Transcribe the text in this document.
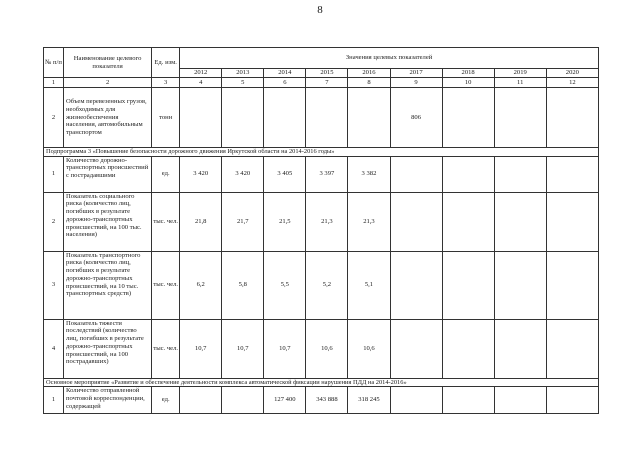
8
№ п/п	Наименование целевого показателя	Ед. изм.	Значения целевых показателей								
			2012	2013	2014	2015	2016	2017	2018	2019	2020
1	2	3	4	5	6	7	8	9	10	11	12
2	Объем перевезенных грузов, необходимых для жизнеобеспечения населения, автомобильным транспортом	тонн						806			
Подпрограмма 3 «Повышение безопасности дорожного движения Иркутской области на 2014-2016 годы»											
1	Количество дорожно-транспортных происшествий с пострадавшими	ед.	3 420	3 420	3 405	3 397	3 382				
2	Показатель социального риска (количество лиц, погибших в результате дорожно-транспортных происшествий, на 100 тыс. населения)	тыс. чел.	21,8	21,7	21,5	21,3	21,3				
3	Показатель транспортного риска (количество лиц, погибших в результате дорожно-транспортных происшествий, на 10 тыс. транспортных средств)	тыс. чел.	6,2	5,8	5,5	5,2	5,1				
4	Показатель тяжести последствий (количество лиц, погибших в результате дорожно-транспортных происшествий, на 100 пострадавших)	тыс. чел.	10,7	10,7	10,7	10,6	10,6				
Основное мероприятие «Развитие и обеспечение деятельности комплекса автоматической фиксации нарушения ПДД на 2014-2016»											
1	Количество отправленной почтовой корреспонденции, содержащей	ед.			127 400	343 888	318 245				
